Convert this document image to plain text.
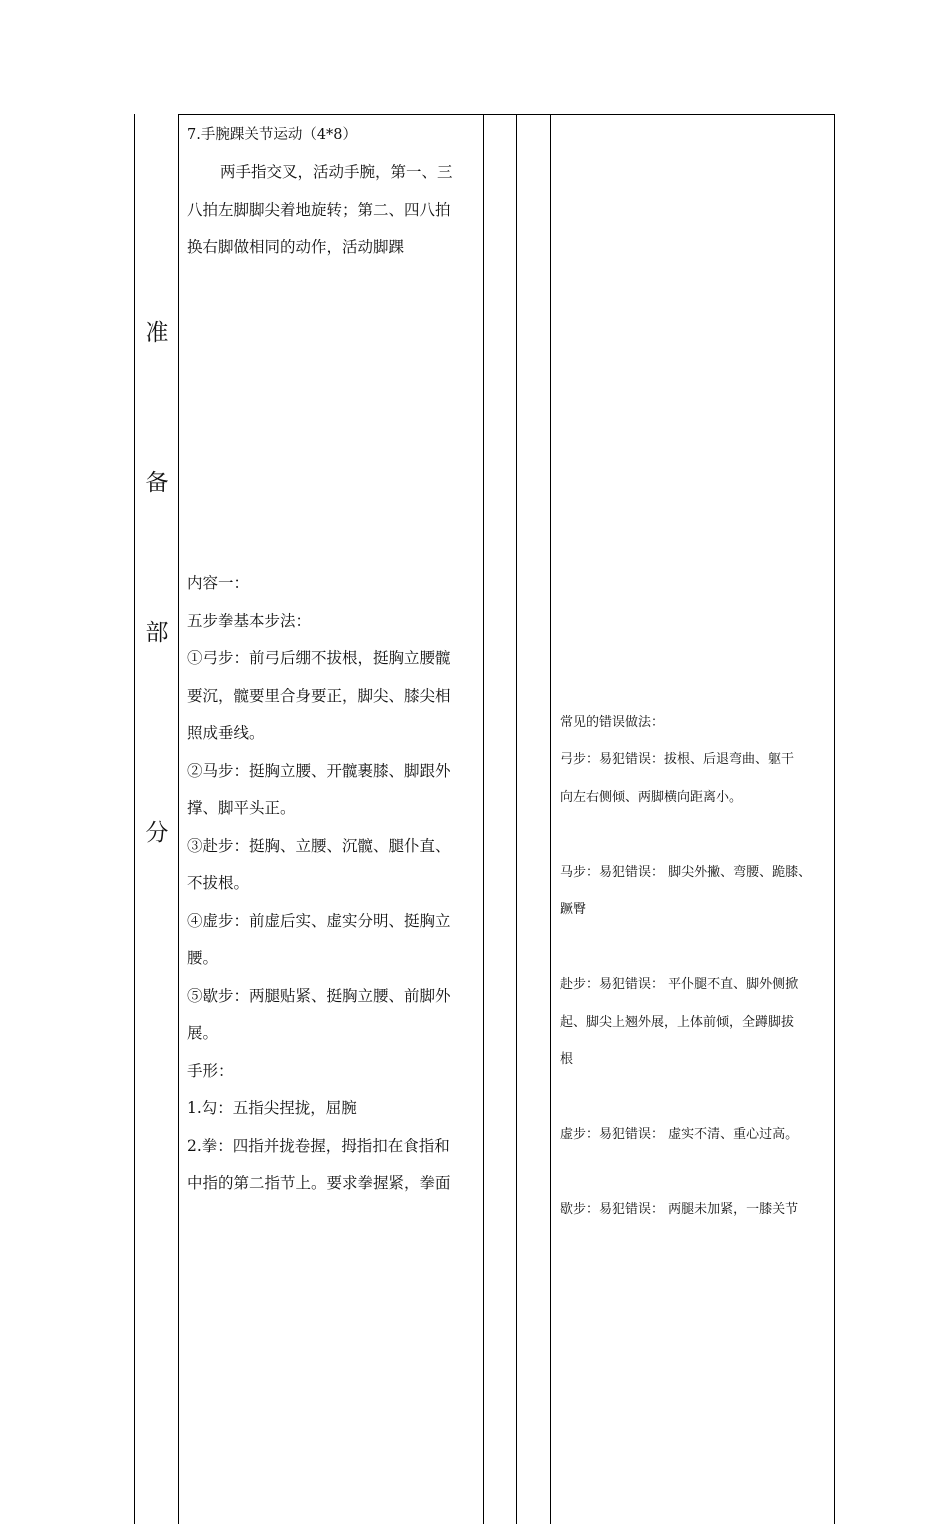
准
备
部
分
7.手腕踝关节运动（4*8）
两手指交叉，活动手腕，第一、三
八拍左脚脚尖着地旋转；第二、四八拍
换右脚做相同的动作，活动脚踝
内容一：
五步拳基本步法：
①弓步：前弓后绷不拔根，挺胸立腰髋
要沉，髋要里合身要正，脚尖、膝尖相
照成垂线。
②马步：挺胸立腰、开髋裹膝、脚跟外
撑、脚平头正。
③赴步：挺胸、立腰、沉髋、腿仆直、
不拔根。
④虚步：前虚后实、虚实分明、挺胸立
腰。
⑤歇步：两腿贴紧、挺胸立腰、前脚外
展。
手形：
1.勾：五指尖捏拢，屈腕
2.拳：四指并拢卷握，拇指扣在食指和
中指的第二指节上。要求拳握紧，拳面
常见的错误做法：
弓步：易犯错误：拔根、后退弯曲、躯干
向左右侧倾、两脚横向距离小。
马步：易犯错误： 脚尖外撇、弯腰、跪膝、
蹶臀
赴步：易犯错误： 平仆腿不直、脚外侧掀
起、脚尖上翘外展，上体前倾，全蹲脚拔
根
虚步：易犯错误： 虚实不清、重心过高。
歇步：易犯错误： 两腿未加紧，一膝关节
